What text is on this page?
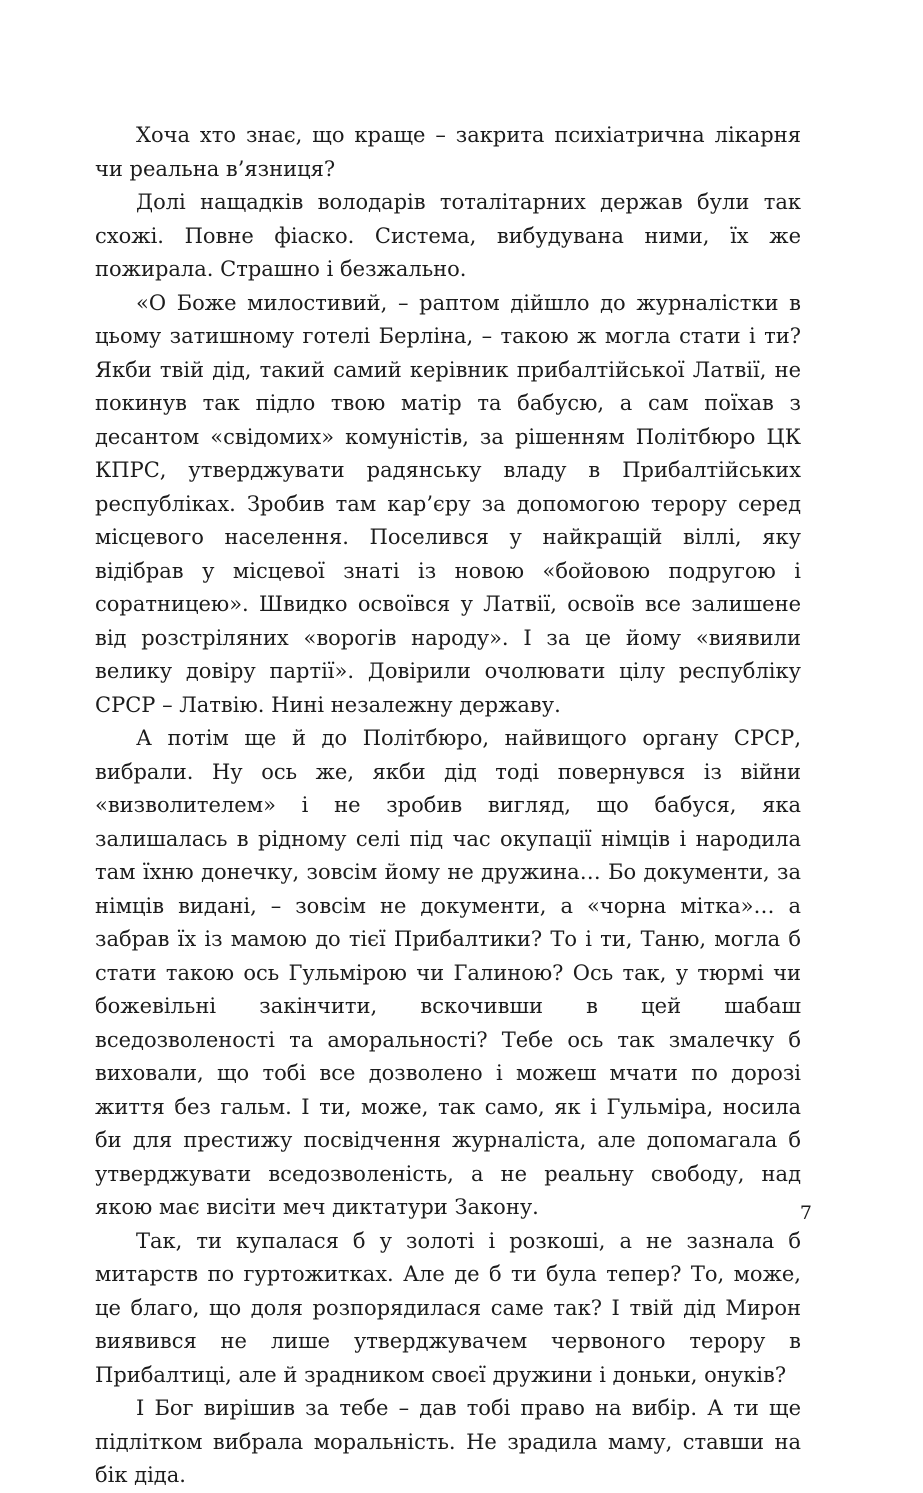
Хоча хто знає, що краще – закрита психіатрична лікарня чи реальна в’язниця?

Долі нащадків володарів тоталітарних держав були так схожі. Повне фіаско. Система, вибудувана ними, їх же пожирала. Страшно і безжально.

«О Боже милостивий, – раптом дійшло до журналістки в цьому затишному готелі Берліна, – такою ж могла стати і ти? Якби твій дід, такий самий керівник прибалтійської Латвії, не покинув так підло твою матір та бабусю, а сам поїхав з десантом «свідомих» комуністів, за рішенням Політбюро ЦК КПРС, утверджувати радянську владу в Прибалтійських республіках. Зробив там кар’єру за допомогою терору серед місцевого населення. Поселився у найкращій віллі, яку відібрав у місцевої знаті із новою «бойовою подругою і соратницею». Швидко освоївся у Латвії, освоїв все залишене від розстріляних «ворогів народу». І за це йому «виявили велику довіру партії». Довірили очолювати цілу республіку СРСР – Латвію. Нині незалежну державу.

А потім ще й до Політбюро, найвищого органу СРСР, вибрали. Ну ось же, якби дід тоді повернувся із війни «визволителем» і не зробив вигляд, що бабуся, яка залишалась в рідному селі під час окупації німців і народила там їхню донечку, зовсім йому не дружина… Бо документи, за німців видані, – зовсім не документи, а «чорна мітка»… а забрав їх із мамою до тієї Прибалтики? То і ти, Таню, могла б стати такою ось Гульмірою чи Галиною? Ось так, у тюрмі чи божевільні закінчити, вскочивши в цей шабаш вседозволеності та аморальності? Тебе ось так змалечку б виховали, що тобі все дозволено і можеш мчати по дорозі життя без гальм. І ти, може, так само, як і Гульміра, носила би для престижу посвідчення журналіста, але допомагала б утверджувати вседозволеність, а не реальну свободу, над якою має висіти меч диктатури Закону.

Так, ти купалася б у золоті і розкоші, а не зазнала б митарств по гуртожитках. Але де б ти була тепер? То, може, це благо, що доля розпорядилася саме так? І твій дід Мирон виявився не лише утверджувачем червоного терору в Прибалтиці, але й зрадником своєї дружини і доньки, онуків?

І Бог вирішив за тебе – дав тобі право на вибір. А ти ще підлітком вибрала моральність. Не зрадила маму, ставши на бік діда.

7
